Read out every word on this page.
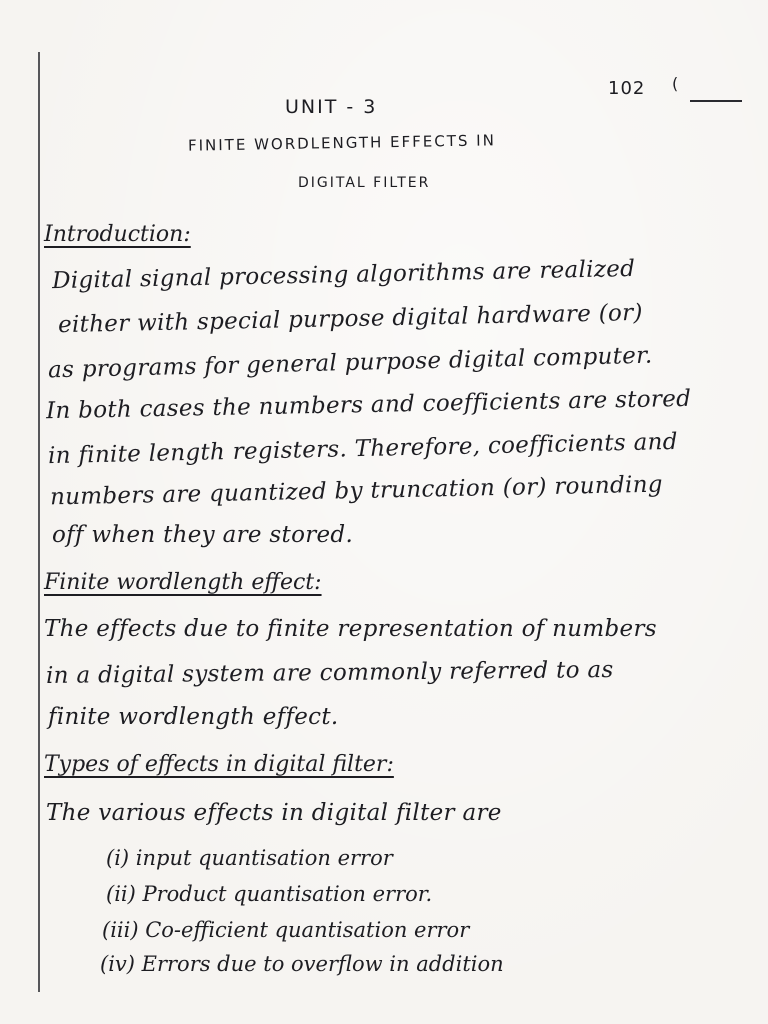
102 (
UNIT - 3
FINITE WORDLENGTH EFFECTS IN
DIGITAL FILTER
Introduction:
Digital signal processing algorithms are realized
either with special purpose digital hardware (or)
as programs for general purpose digital computer.
In both cases the numbers and coefficients are stored
in finite length registers. Therefore, coefficients and
numbers are quantized by truncation (or) rounding
off when they are stored.
Finite wordlength effect:
The effects due to finite representation of numbers
in a digital system are commonly referred to as
finite wordlength effect.
Types of effects in digital filter:
The various effects in digital filter are
(i) input quantisation error
(ii) Product quantisation error.
(iii) Co-efficient quantisation error
(iv) Errors due to overflow in addition
